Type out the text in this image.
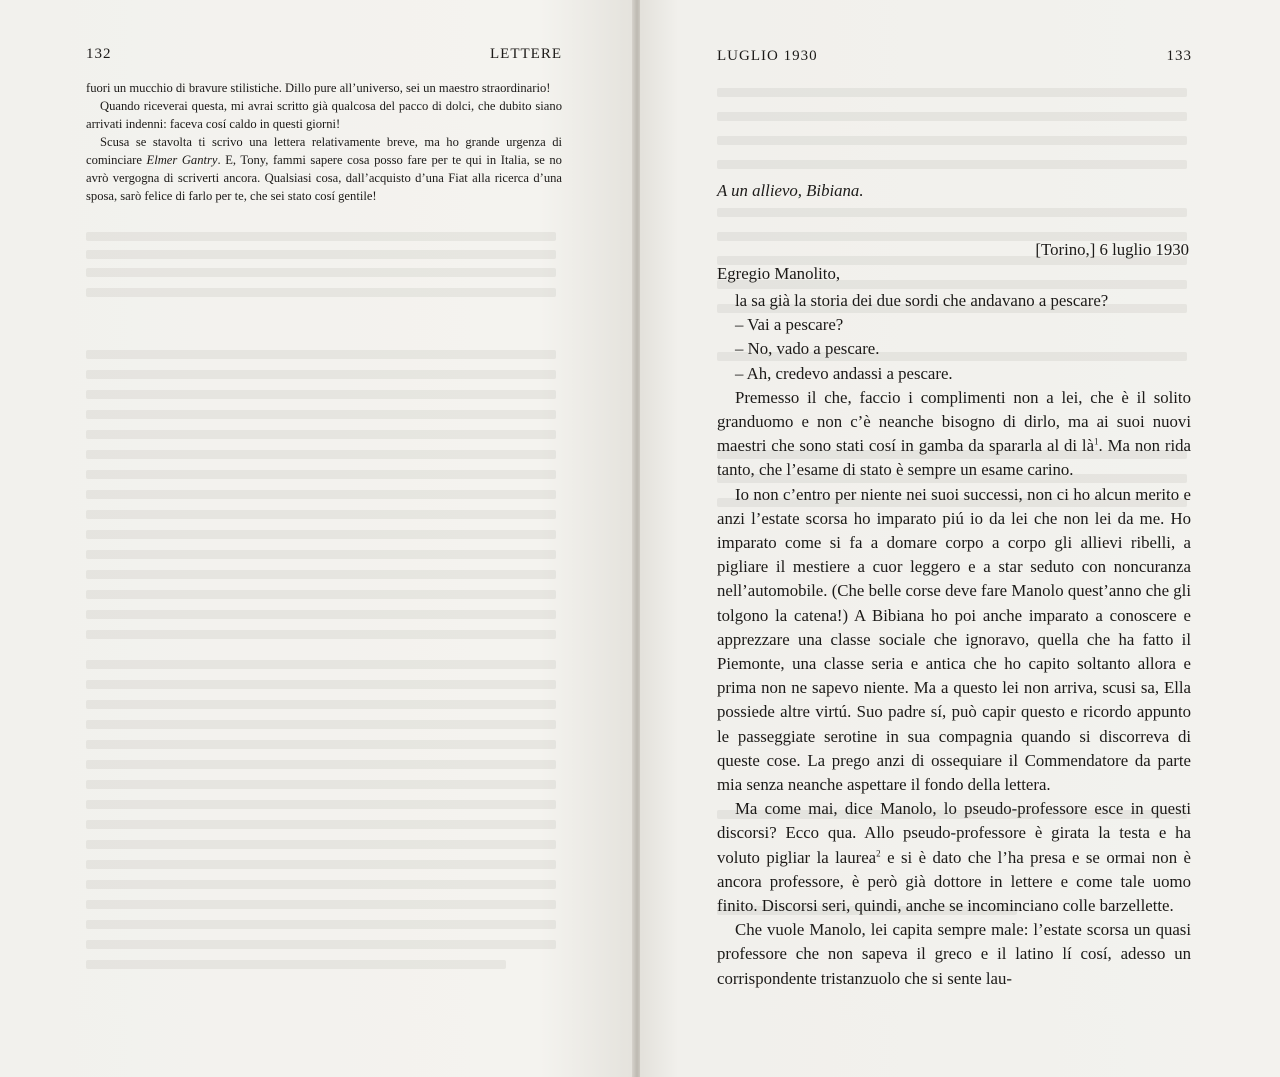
132	LETTERE

fuori un mucchio di bravure stilistiche. Dillo pure all’universo, sei un maestro straordinario!

Quando riceverai questa, mi avrai scritto già qualcosa del pacco di dolci, che dubito siano arrivati indenni: faceva cosí caldo in questi giorni!

Scusa se stavolta ti scrivo una lettera relativamente breve, ma ho grande urgenza di cominciare Elmer Gantry. E, Tony, fammi sapere cosa posso fare per te qui in Italia, se no avrò vergogna di scriverti ancora. Qualsiasi cosa, dall’acquisto d’una Fiat alla ricerca d’una sposa, sarò felice di farlo per te, che sei stato cosí gentile!

LUGLIO 1930	133
A un allievo, Bibiana.
[Torino,] 6 luglio 1930
Egregio Manolito,

la sa già la storia dei due sordi che andavano a pescare?

– Vai a pescare?

– No, vado a pescare.

– Ah, credevo andassi a pescare.

Premesso il che, faccio i complimenti non a lei, che è il solito granduomo e non c’è neanche bisogno di dirlo, ma ai suoi nuovi maestri che sono stati cosí in gamba da spararla al di $là^1$. Ma non rida tanto, che l’esame di stato è sempre un esame carino.

Io non c’entro per niente nei suoi successi, non ci ho alcun merito e anzi l’estate scorsa ho imparato piú io da lei che non lei da me. Ho imparato come si fa a domare corpo a corpo gli allievi ribelli, a pigliare il mestiere a cuor leggero e a star seduto con noncuranza nell’automobile. (Che belle corse deve fare Manolo quest’anno che gli tolgono la catena!) A Bibiana ho poi anche imparato a conoscere e apprezzare una classe sociale che ignoravo, quella che ha fatto il Piemonte, una classe seria e antica che ho capito soltanto allora e prima non ne sapevo niente. Ma a questo lei non arriva, scusi sa, Ella possiede altre virtú. Suo padre sí, può capir questo e ricordo appunto le passeggiate serotine in sua compagnia quando si discorreva di queste cose. La prego anzi di ossequiare il Commendatore da parte mia senza neanche aspettare il fondo della lettera.

Ma come mai, dice Manolo, lo pseudo-professore esce in questi discorsi? Ecco qua. Allo pseudo-professore è girata la testa e ha voluto pigliar la laurea$^2$ e si è dato che l’ha presa e se ormai non è ancora professore, è però già dottore in lettere e come tale uomo finito. Discorsi seri, quindi, anche se incominciano colle barzellette.

Che vuole Manolo, lei capita sempre male: l’estate scorsa un quasi professore che non sapeva il greco e il latino lí cosí, adesso un corrispondente tristanzuolo che si sente lau-
